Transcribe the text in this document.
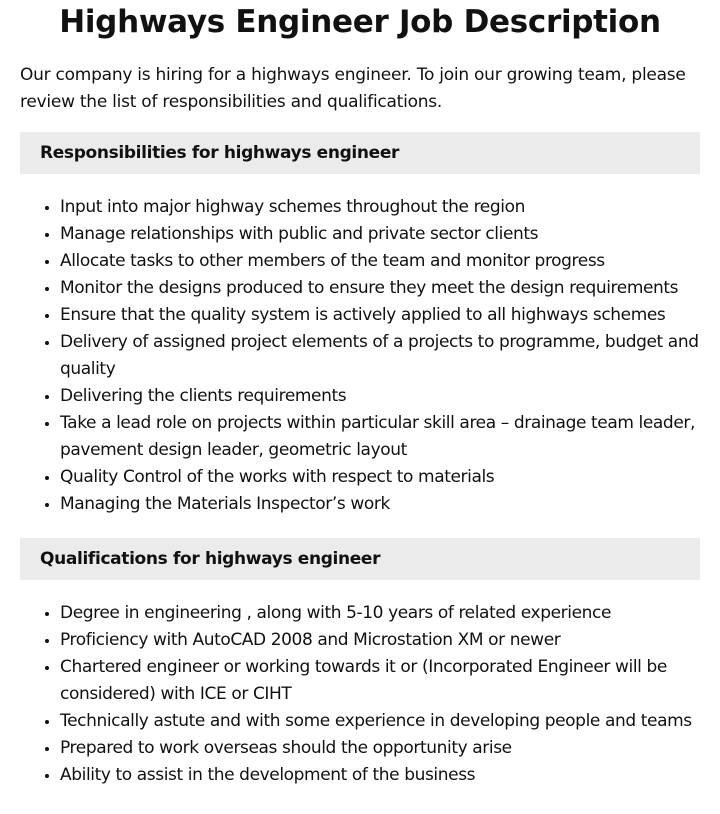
Highways Engineer Job Description

Our company is hiring for a highways engineer. To join our growing team, please review the list of responsibilities and qualifications.

Responsibilities for highways engineer
• Input into major highway schemes throughout the region
• Manage relationships with public and private sector clients
• Allocate tasks to other members of the team and monitor progress
• Monitor the designs produced to ensure they meet the design requirements
• Ensure that the quality system is actively applied to all highways schemes
• Delivery of assigned project elements of a projects to programme, budget and quality
• Delivering the clients requirements
• Take a lead role on projects within particular skill area – drainage team leader, pavement design leader, geometric layout
• Quality Control of the works with respect to materials
• Managing the Materials Inspector’s work
Qualifications for highways engineer
• Degree in engineering , along with 5-10 years of related experience
• Proficiency with AutoCAD 2008 and Microstation XM or newer
• Chartered engineer or working towards it or (Incorporated Engineer will be considered) with ICE or CIHT
• Technically astute and with some experience in developing people and teams
• Prepared to work overseas should the opportunity arise
• Ability to assist in the development of the business
